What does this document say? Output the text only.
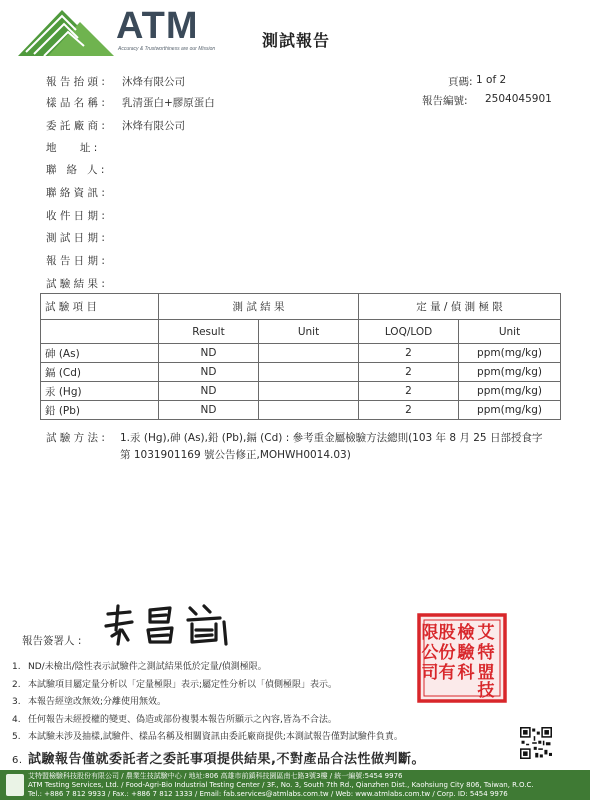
ATM
Accuracy & Trustworthiness are our Mission	測試報告
頁碼: 1 of 2
報告編號: 2504045901
報 告 抬 頭 : 沐烽有限公司
樣 品 名 稱 : 乳清蛋白+膠原蛋白
委 託 廠 商 : 沐烽有限公司
地       址 :
聯   絡   人 :
聯 絡 資 訊 :
收 件 日 期 :
測 試 日 期 :
報 告 日 期 :
試 驗 結 果 :
試 驗 項 目	測 試 結 果		定 量 / 偵 測 極 限	
	Result	Unit	LOQ/LOD	Unit
砷 (As)	ND		2	ppm(mg/kg)
鎘 (Cd)	ND		2	ppm(mg/kg)
汞 (Hg)	ND		2	ppm(mg/kg)
鉛 (Pb)	ND		2	ppm(mg/kg)
試 驗 方 法 : 1.汞 (Hg),砷 (As),鉛 (Pb),鎘 (Cd) : 參考重金屬檢驗方法總則(103 年 8 月 25 日部授食字
第 1031901169 號公告修正,MOHWH0014.03)
報告簽署人 :	艾
檢
股
限
特
驗
份
公
盟
科
有
司
技
1. ND/未檢出/陰性表示試驗件之測試結果低於定量/偵測極限。
2. 本試驗項目屬定量分析以「定量極限」表示;屬定性分析以「偵側極限」表示。
3. 本報告經塗改無效;分離使用無效。
4. 任何報告未經授權的變更、偽造或部份複製本報告所顯示之內容,皆為不合法。
5. 本試驗未涉及抽樣,試驗件、樣品名稱及相關資訊由委託廠商提供;本測試報告僅對試驗件負責。
6. 試驗報告僅就委託者之委託事項提供結果,不對產品合法性做判斷。
艾特盟檢驗科技股份有限公司 / 農業生技試驗中心 / 地址:806 高雄市前鎮科技園區南七路3號3樓 / 統一編號:5454 9976
ATM Testing Services, Ltd. / Food-Agri-Bio Industrial Testing Center / 3F., No. 3, South 7th Rd., Qianzhen Dist., Kaohsiung City 806, Taiwan, R.O.C.
Tel.: +886 7 812 9933 / Fax.: +886 7 812 1333 / Email: fab.services@atmlabs.com.tw / Web: www.atmlabs.com.tw / Corp. ID: 5454 9976
